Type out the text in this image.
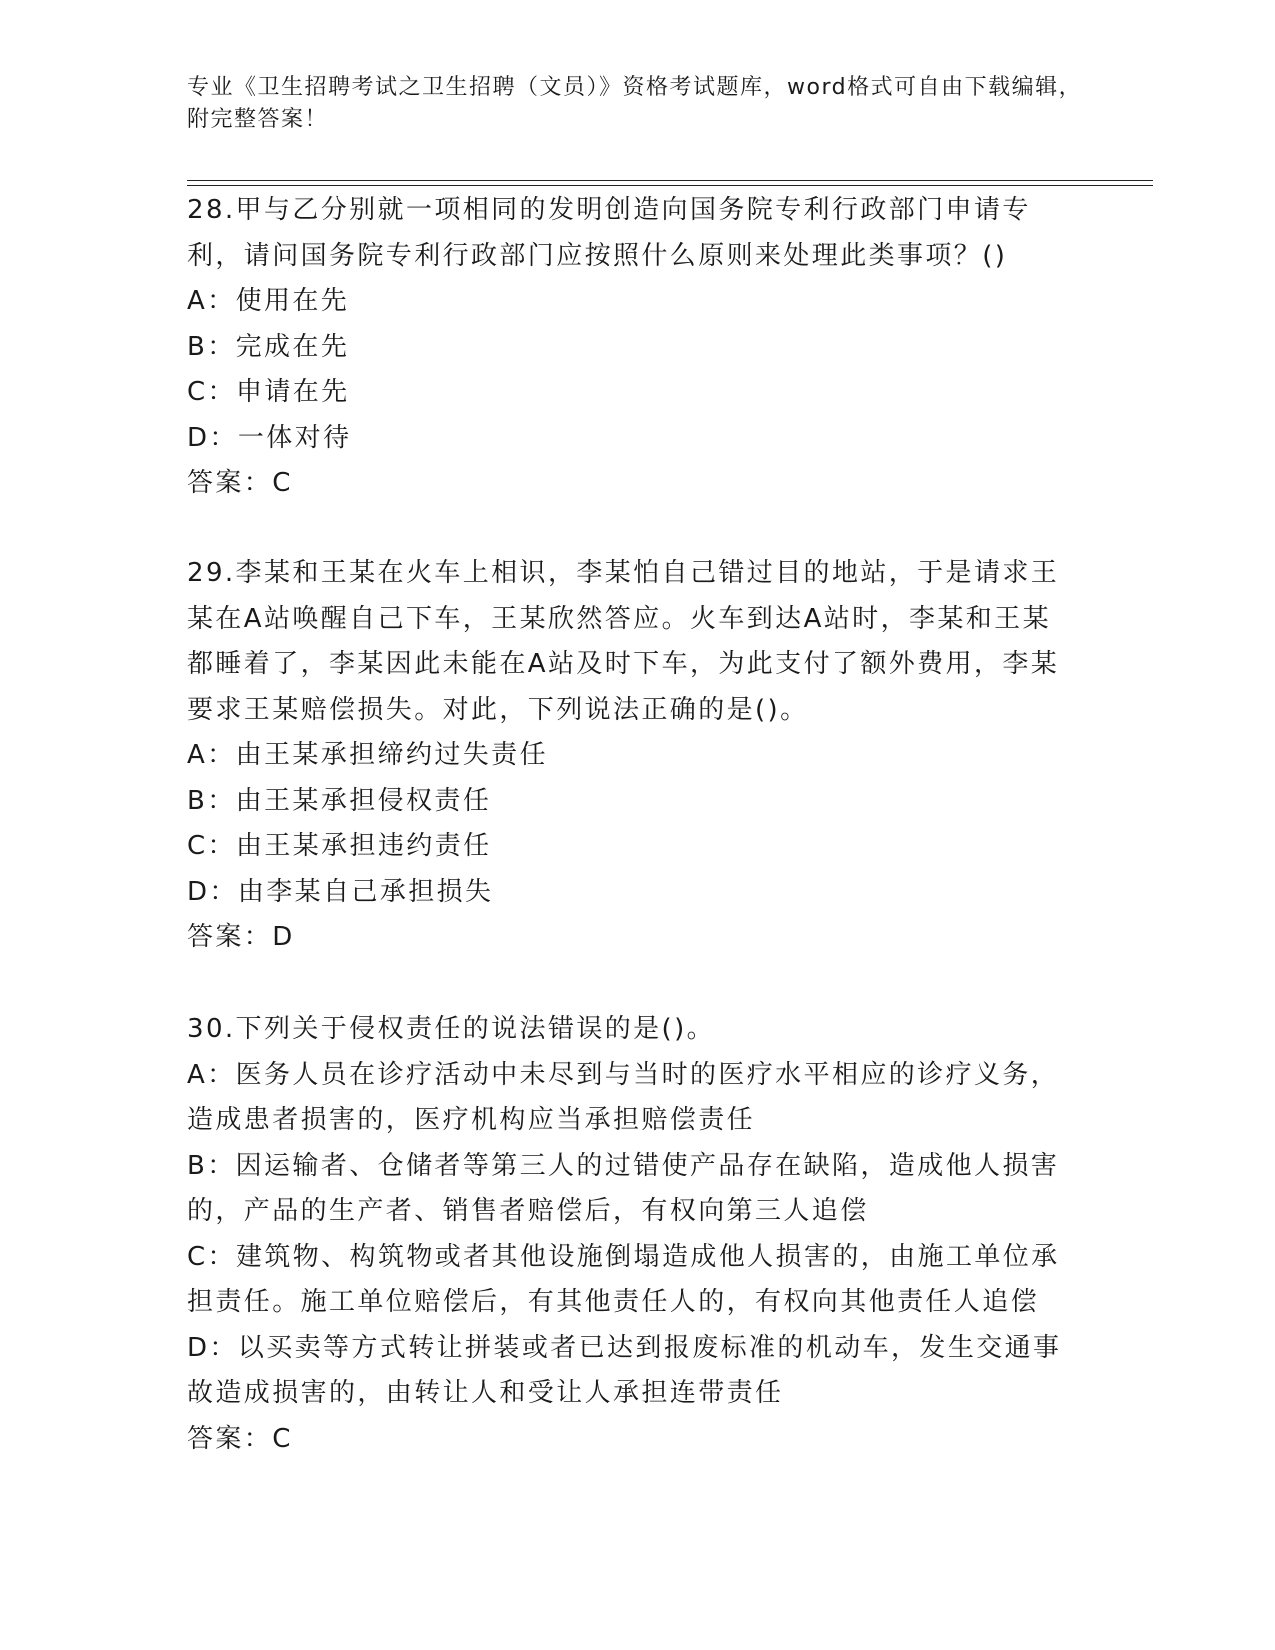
专业《卫生招聘考试之卫生招聘（文员）》资格考试题库，word格式可自由下载编辑，附完整答案！

28.甲与乙分别就一项相同的发明创造向国务院专利行政部门申请专利，请问国务院专利行政部门应按照什么原则来处理此类事项？()

A：使用在先

B：完成在先

C：申请在先

D：一体对待

答案：C

29.李某和王某在火车上相识，李某怕自己错过目的地站，于是请求王某在A站唤醒自己下车，王某欣然答应。火车到达A站时，李某和王某都睡着了，李某因此未能在A站及时下车，为此支付了额外费用，李某要求王某赔偿损失。对此，下列说法正确的是()。

A：由王某承担缔约过失责任

B：由王某承担侵权责任

C：由王某承担违约责任

D：由李某自己承担损失

答案：D

30.下列关于侵权责任的说法错误的是()。

A：医务人员在诊疗活动中未尽到与当时的医疗水平相应的诊疗义务，造成患者损害的，医疗机构应当承担赔偿责任

B：因运输者、仓储者等第三人的过错使产品存在缺陷，造成他人损害的，产品的生产者、销售者赔偿后，有权向第三人追偿

C：建筑物、构筑物或者其他设施倒塌造成他人损害的，由施工单位承担责任。施工单位赔偿后，有其他责任人的，有权向其他责任人追偿

D：以买卖等方式转让拼装或者已达到报废标准的机动车，发生交通事故造成损害的，由转让人和受让人承担连带责任

答案：C
